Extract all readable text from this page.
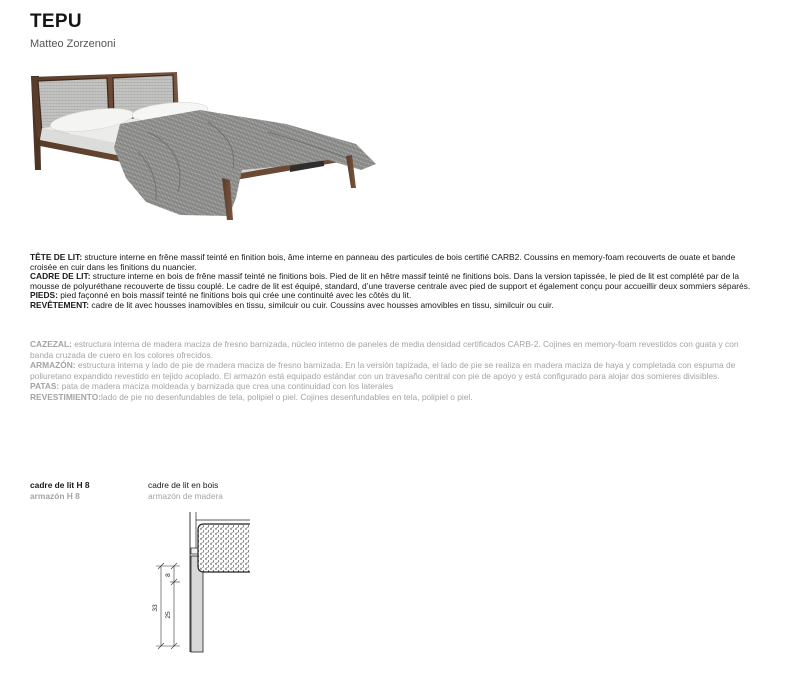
TEPU
Matteo Zorzenoni

TÊTE DE LIT: structure interne en frêne massif teinté en finition bois, âme interne en panneau des particules de bois certifié CARB2. Coussins en memory-foam recouverts de ouate et bande croisée en cuir dans les finitions du nuancier.

CADRE DE LIT: structure interne en bois de frêne massif teinté ne finitions bois. Pied de lit en hêtre massif teinté ne finitions bois. Dans la version tapissée, le pied de lit est complété par de la mousse de polyuréthane recouverte de tissu couplé. Le cadre de lit est équipé, standard, d’une traverse centrale avec pied de support et également conçu pour accueillir deux sommiers séparés.

PIEDS: pied façonné en bois massif teinté ne finitions bois qui crée une continuité avec les côtés du lit.

REVÊTEMENT: cadre de lit avec housses inamovibles en tissu, similcuir ou cuir. Coussins avec housses amovibles en tissu, similcuir ou cuir.

CAZEZAL: estructura interna de madera maciza de fresno barnizada, núcleo interno de paneles de media densidad certificados CARB-2. Cojines en memory-foam revestidos con guata y con banda cruzada de cuero en los colores ofrecidos.

ARMAZÓN: estructura interna y lado de pie de madera maciza de fresno barnizada. En la versión tapizada, el lado de pie se realiza en madera maciza de haya y completada con espuma de poliuretano expandido revestido en tejido acoplado. El armazón está equipado estándar con un travesaño central con pie de apoyo y está configurado para alojar dos somieres divisibles.

PATAS: pata de madera maciza moldeada y barnizada que crea una continuidad con los laterales

REVESTIMIENTO:lado de pie no desenfundables de tela, polipiel o piel. Cojines desenfundables en tela, polipiel o piel.

cadre de lit H 8
armazón H 8
cadre de lit en bois
armazón de madera
33
8
25
